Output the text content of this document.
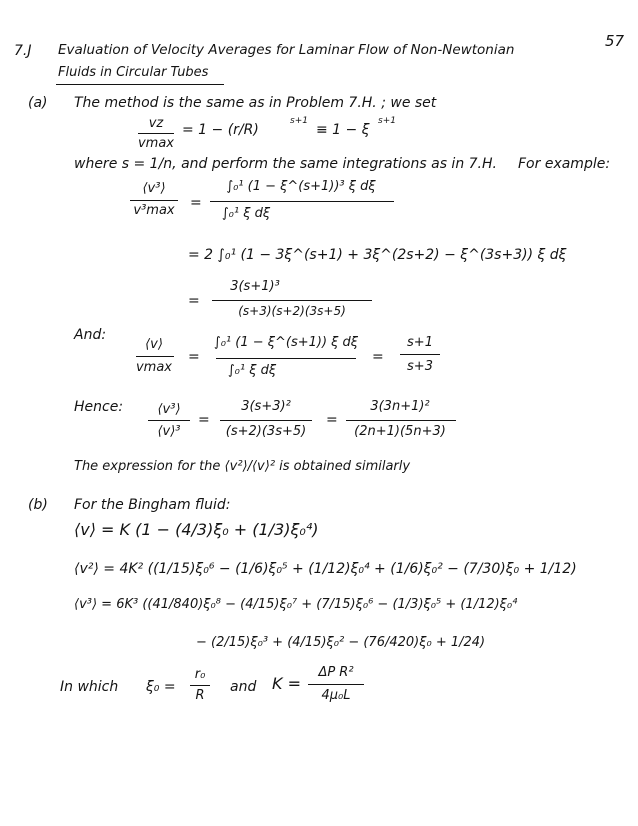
57
7.J Evaluation of Velocity Averages for Laminar Flow of Non-Newtonian
Fluids in Circular Tubes
(a) The method is the same as in Problem 7.H. ; we set
vz
vmax
= 1 − (r/R)
s+1
≡ 1 − ξ
s+1
where s = 1/n, and perform the same integrations as in 7.H. For example:
⟨v³⟩
v³max	=
∫₀¹ (1 − ξ^(s+1))³ ξ dξ
∫₀¹ ξ dξ
= 2 ∫₀¹ (1 − 3ξ^(s+1) + 3ξ^(2s+2) − ξ^(3s+3)) ξ dξ
=
3(s+1)³
(s+3)(s+2)(3s+5)
And:
⟨v⟩
vmax
=
∫₀¹ (1 − ξ^(s+1)) ξ dξ
∫₀¹ ξ dξ
=
s+1
s+3
Hence:	⟨v³⟩
⟨v⟩³
=
3(s+3)²
(s+2)(3s+5)
=
3(3n+1)²
(2n+1)(5n+3)
The expression for the ⟨v²⟩/⟨v⟩² is obtained similarly
(b) For the Bingham fluid:
⟨v⟩ = K (1 − (4/3)ξ₀ + (1/3)ξ₀⁴)
⟨v²⟩ = 4K² ((1/15)ξ₀⁶ − (1/6)ξ₀⁵ + (1/12)ξ₀⁴ + (1/6)ξ₀² − (7/30)ξ₀ + 1/12)
⟨v³⟩ = 6K³ ((41/840)ξ₀⁸ − (4/15)ξ₀⁷ + (7/15)ξ₀⁶ − (1/3)ξ₀⁵ + (1/12)ξ₀⁴
− (2/15)ξ₀³ + (4/15)ξ₀² − (76/420)ξ₀ + 1/24)
In which ξ₀ =
r₀
R
and K =
ΔP R²
4μ₀L
